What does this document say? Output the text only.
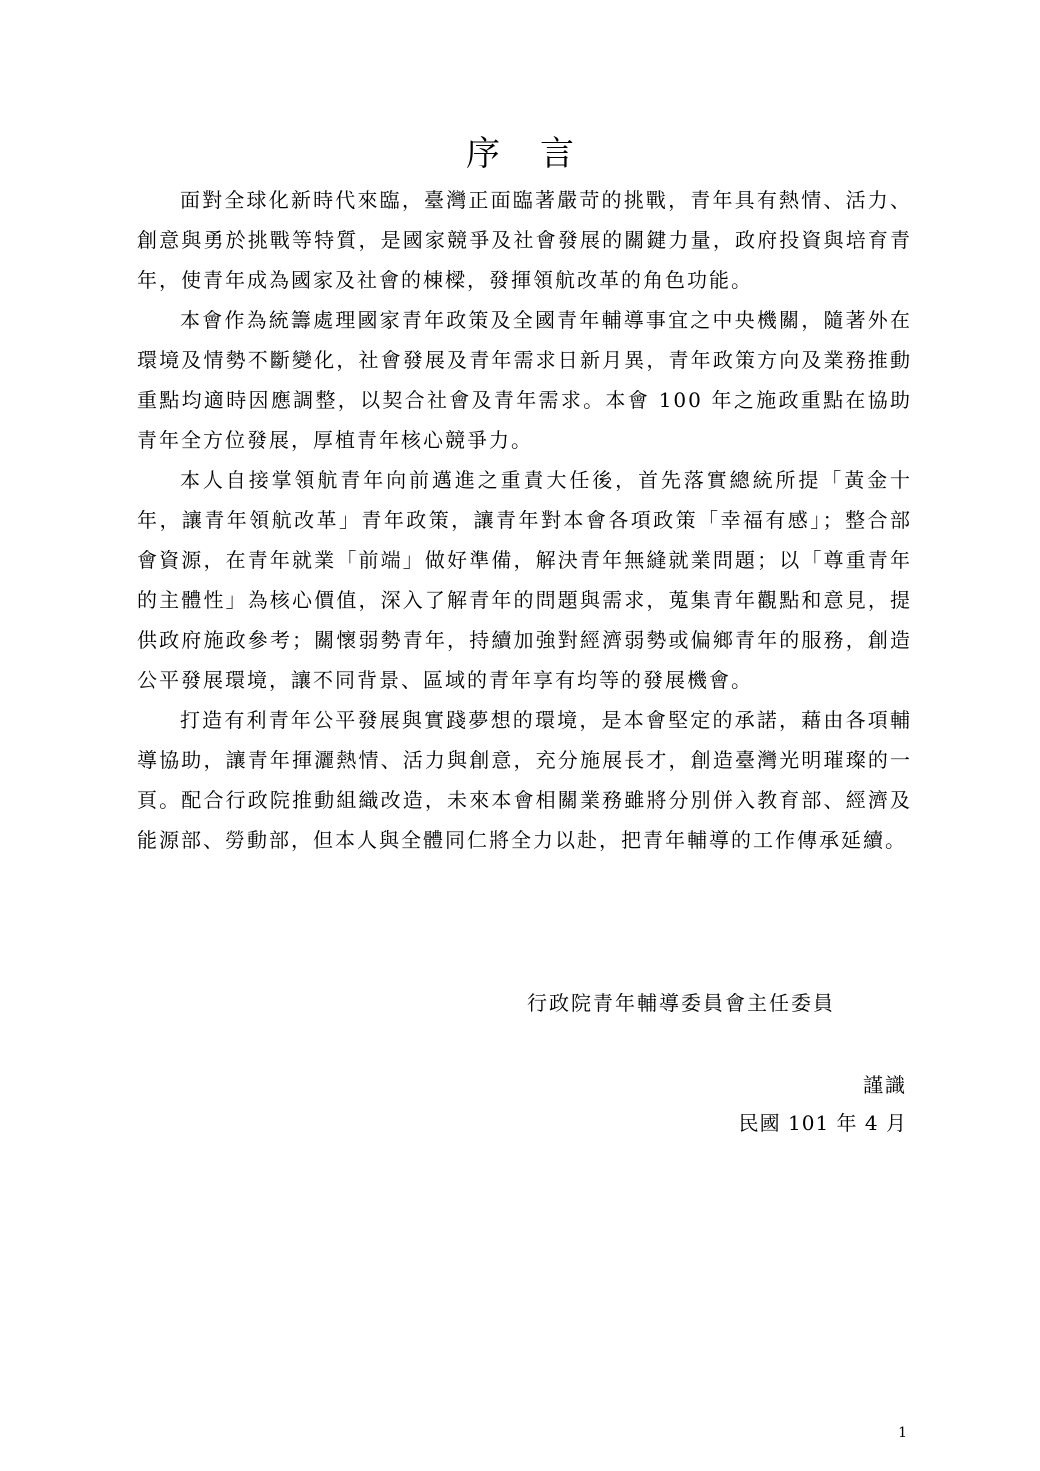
序言

面對全球化新時代來臨，臺灣正面臨著嚴苛的挑戰，青年具有熱情、活力、創意與勇於挑戰等特質，是國家競爭及社會發展的關鍵力量，政府投資與培育青年，使青年成為國家及社會的棟樑，發揮領航改革的角色功能。

本會作為統籌處理國家青年政策及全國青年輔導事宜之中央機關，隨著外在環境及情勢不斷變化，社會發展及青年需求日新月異，青年政策方向及業務推動重點均適時因應調整，以契合社會及青年需求。本會 100 年之施政重點在協助青年全方位發展，厚植青年核心競爭力。

本人自接掌領航青年向前邁進之重責大任後，首先落實總統所提「黃金十年，讓青年領航改革」青年政策，讓青年對本會各項政策「幸福有感」；整合部會資源，在青年就業「前端」做好準備，解決青年無縫就業問題；以「尊重青年的主體性」為核心價值，深入了解青年的問題與需求，蒐集青年觀點和意見，提供政府施政參考；關懷弱勢青年，持續加強對經濟弱勢或偏鄉青年的服務，創造公平發展環境，讓不同背景、區域的青年享有均等的發展機會。

打造有利青年公平發展與實踐夢想的環境，是本會堅定的承諾，藉由各項輔導協助，讓青年揮灑熱情、活力與創意，充分施展長才，創造臺灣光明璀璨的一頁。配合行政院推動組織改造，未來本會相關業務雖將分別併入教育部、經濟及能源部、勞動部，但本人與全體同仁將全力以赴，把青年輔導的工作傳承延續。

行政院青年輔導委員會主任委員
謹識
民國 101 年 4 月
1
